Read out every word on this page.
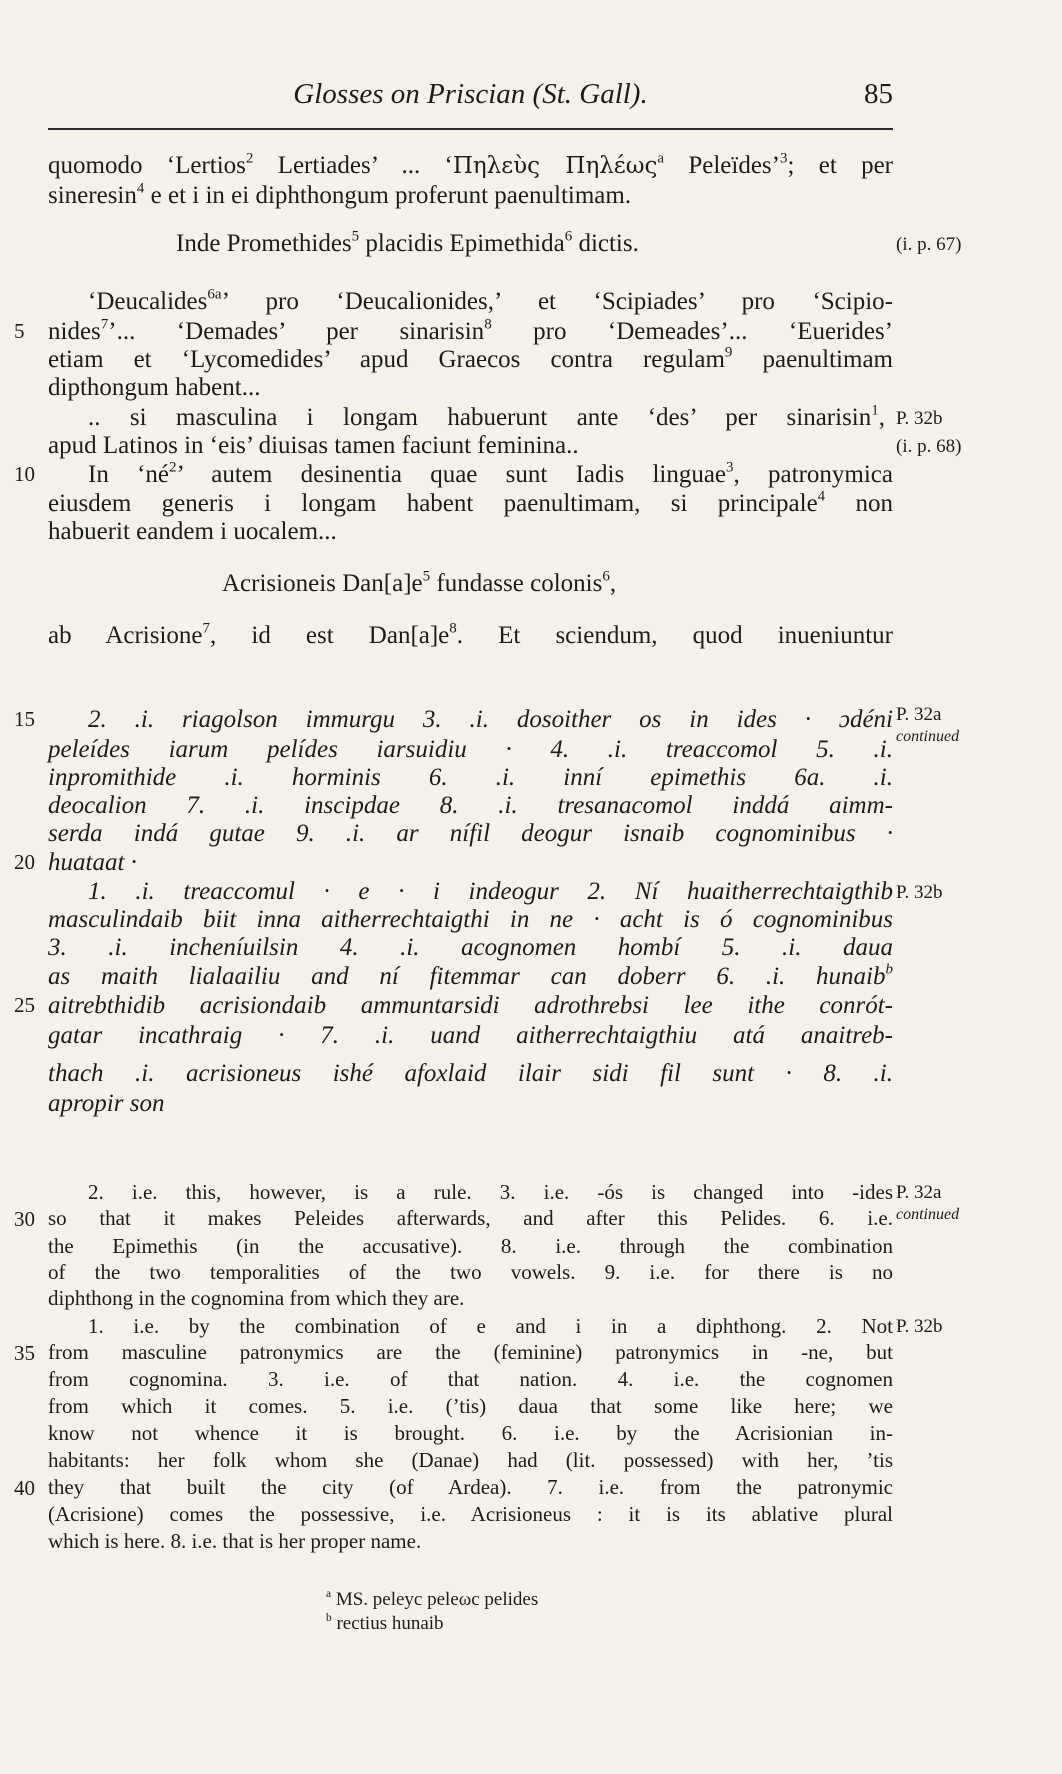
Glosses on Priscian (St. Gall).	85
quomodo ‘Lertios$^2$ Lertiades’ ... ‘Πηλεὺς Πηλέως$^a$ Peleïdes’$^3$; et per
sineresin$^4$ e et i in ei diphthongum proferunt paenultimam.
Inde Promethides$^5$ placidis Epimethida$^6$ dictis.	(i. p. 67)
‘Deucalides$^{6a}$’ pro ‘Deucalionides,’ et ‘Scipiades’ pro ‘Scipio-
5 nides$^7$’... ‘Demades’ per sinarisin$^8$ pro ‘Demeades’... ‘Euerides’
etiam et ‘Lycomedides’ apud Graecos contra regulam$^9$ paenultimam
dipthongum habent...
.. si masculina i longam habuerunt ante ‘des’ per sinarisin$^1$, P. 32b
apud Latinos in ‘eis’ diuisas tamen faciunt feminina..	(i. p. 68)
10	In ‘$né^2$’ autem desinentia quae sunt Iadis linguae$^3$, patronymica
eiusdem generis i longam habent paenultimam, si principale$^4$ non
habuerit eandem i uocalem...
Acrisioneis $Dan[a]e^5$ fundasse colonis$^6$,
ab Acrisione$^7$, id est $Dan[a]e^8$. Et sciendum, quod inueniuntur
15	2. .i. riagolson immurgu 3. .i. dosoither os in ides · ɔdéni P. 32a
continued
peleídes iarum pelídes iarsuidiu · 4. .i. treaccomol 5. .i.
inpromithide .i. horminis 6. .i. inní epimethis 6a. .i.
deocalion 7. .i. inscipdae 8. .i. tresanacomol inddá aimm-
serda indá gutae 9. .i. ar nífil deogur isnaib cognominibus ·
20 huataat ·
1. .i. treaccomul · e · i indeogur 2. Ní huaitherrechtaigthib P. 32b
masculindaib biit inna aitherrechtaigthi in ne · acht is ó cognominibus
3. .i. incheníuilsin 4. .i. acognomen hombí 5. .i. daua
as maith lialaailiu and ní fitemmar can doberr 6. .i. hunaib$^b$
25 aitrebthidib acrisiondaib ammuntarsidi adrothrebsi lee ithe conrót-
gatar incathraig · 7. .i. uand aitherrechtaigthiu atá anaitreb-
thach .i. acrisioneus ishé afoxlaid ilair sidi fil sunt · 8. .i.
apropir son
2. i.e. this, however, is a rule. 3. i.e. -ós is changed into -ides P. 32a
continued
30 so that it makes Peleides afterwards, and after this Pelides. 6. i.e.
the Epimethis (in the accusative). 8. i.e. through the combination
of the two temporalities of the two vowels. 9. i.e. for there is no
diphthong in the cognomina from which they are.
1. i.e. by the combination of e and i in a diphthong. 2. Not P. 32b
35 from masculine patronymics are the (feminine) patronymics in -ne, but
from cognomina. 3. i.e. of that nation. 4. i.e. the cognomen
from which it comes. 5. i.e. (’tis) daua that some like here; we
know not whence it is brought. 6. i.e. by the Acrisionian in-
habitants: her folk whom she (Danae) had (lit. possessed) with her, ’tis
40 they that built the city (of Ardea). 7. i.e. from the patronymic
(Acrisione) comes the possessive, i.e. Acrisioneus : it is its ablative plural
which is here. 8. i.e. that is her proper name.
$^a$ MS. peleyc peleωc pelides
$^b$ rectius hunaib
